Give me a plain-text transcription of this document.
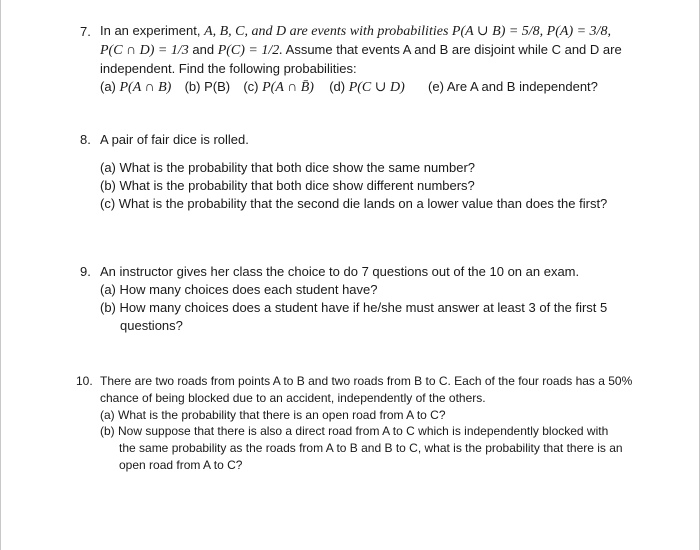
7. In an experiment, A, B, C, and D are events with probabilities P(A ∪ B) = 5/8, P(A) = 3/8,
P(C ∩ D) = 1/3 and P(C) = 1/2. Assume that events A and B are disjoint while C and D are
independent. Find the following probabilities:
(a) P(A ∩ B) (b) P(B) (c) P(A ∩ B̄) (d) P(C ∪ D) (e) Are A and B independent?
8. A pair of fair dice is rolled.
(a) What is the probability that both dice show the same number?
(b) What is the probability that both dice show different numbers?
(c) What is the probability that the second die lands on a lower value than does the first?
9. An instructor gives her class the choice to do 7 questions out of the 10 on an exam.
(a) How many choices does each student have?
(b) How many choices does a student have if he/she must answer at least 3 of the first 5
questions?
10. There are two roads from points A to B and two roads from B to C. Each of the four roads has a 50%
chance of being blocked due to an accident, independently of the others.
(a) What is the probability that there is an open road from A to C?
(b) Now suppose that there is also a direct road from A to C which is independently blocked with
the same probability as the roads from A to B and B to C, what is the probability that there is an
open road from A to C?
